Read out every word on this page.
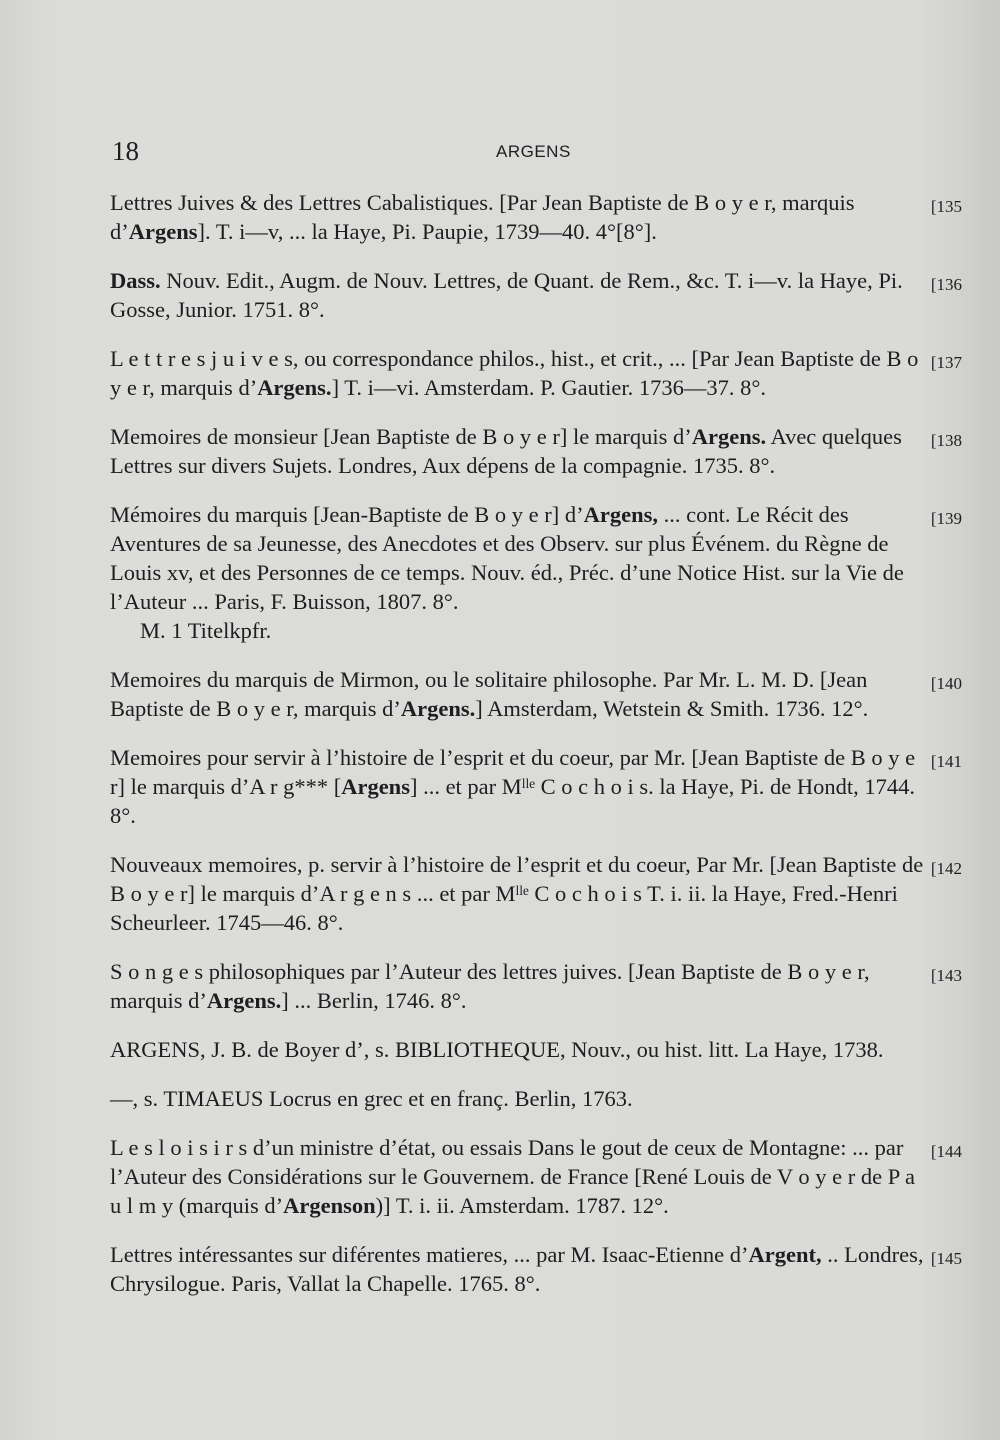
18	ARGENS
[135
Lettres Juives & des Lettres Cabalistiques. [Par Jean Baptiste de B o y e r, marquis d’Argens]. T. i—v, ... la Haye, Pi. Paupie, 1739—40. 4°[8°].
[136
Dass. Nouv. Edit., Augm. de Nouv. Lettres, de Quant. de Rem., &c. T. i—v. la Haye, Pi. Gosse, Junior. 1751. 8°.
[137
L e t t r e s j u i v e s, ou correspondance philos., hist., et crit., ... [Par Jean Baptiste de B o y e r, marquis d’Argens.] T. i—vi. Amsterdam. P. Gautier. 1736—37. 8°.
[138
Memoires de monsieur [Jean Baptiste de B o y e r] le marquis d’Argens. Avec quelques Lettres sur divers Sujets. Londres, Aux dépens de la compagnie. 1735. 8°.
[139
Mémoires du marquis [Jean-Baptiste de B o y e r] d’Argens, ... cont. Le Récit des Aventures de sa Jeunesse, des Anecdotes et des Observ. sur plus Événem. du Règne de Louis xv, et des Personnes de ce temps. Nouv. éd., Préc. d’une Notice Hist. sur la Vie de l’Auteur ... Paris, F. Buisson, 1807. 8°.
M. 1 Titelkpfr.
[140
Memoires du marquis de Mirmon, ou le solitaire philosophe. Par Mr. L. M. D. [Jean Baptiste de B o y e r, marquis d’Argens.] Amsterdam, Wetstein & Smith. 1736. 12°.
[141
Memoires pour servir à l’histoire de l’esprit et du coeur, par Mr. [Jean Baptiste de B o y e r] le marquis d’A r g*** [Argens] ... et par Mˡˡᵉ C o c h o i s. la Haye, Pi. de Hondt, 1744. 8°.
[142
Nouveaux memoires, p. servir à l’histoire de l’esprit et du coeur, Par Mr. [Jean Baptiste de B o y e r] le marquis d’A r g e n s ... et par Mˡˡᵉ C o c h o i s T. i. ii. la Haye, Fred.-Henri Scheurleer. 1745—46. 8°.
[143
S o n g e s philosophiques par l’Auteur des lettres juives. [Jean Baptiste de B o y e r, marquis d’Argens.] ... Berlin, 1746. 8°.
ARGENS, J. B. de Boyer d’, s. BIBLIOTHEQUE, Nouv., ou hist. litt. La Haye, 1738.
—, s. TIMAEUS Locrus en grec et en franç. Berlin, 1763.
[144
L e s l o i s i r s d’un ministre d’état, ou essais Dans le gout de ceux de Montagne: ... par l’Auteur des Considérations sur le Gouvernem. de France [René Louis de V o y e r de P a u l m y (marquis d’Argenson)] T. i. ii. Amsterdam. 1787. 12°.
[145
Lettres intéressantes sur diférentes matieres, ... par M. Isaac-Etienne d’Argent, .. Londres, Chrysilogue. Paris, Vallat la Chapelle. 1765. 8°.
